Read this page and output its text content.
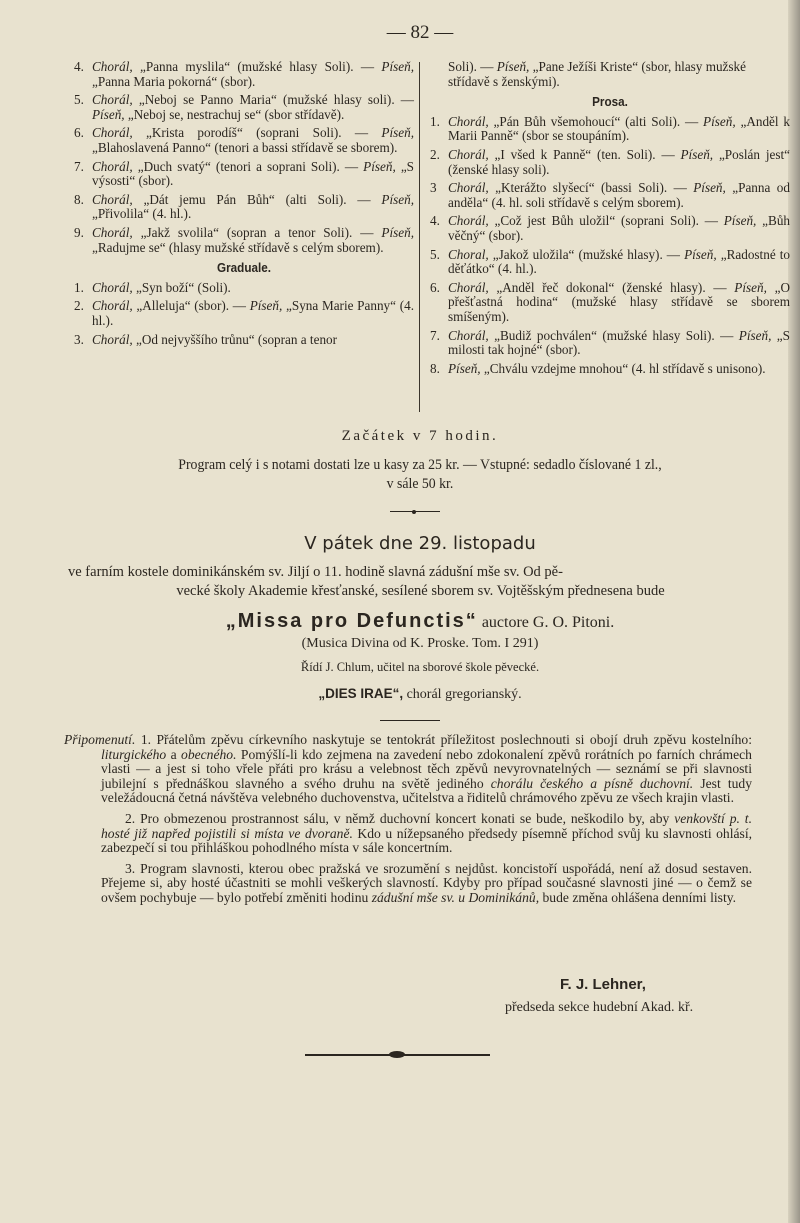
— 82 —
4. Chorál, „Panna myslila“ (mužské hlasy Soli). — Píseň, „Panna Maria pokorná“ (sbor).
5. Chorál, „Neboj se Panno Maria“ (mužské hlasy soli). — Píseň, „Neboj se, nestrachuj se“ (sbor střídavě).
6. Chorál, „Krista porodíš“ (soprani Soli). — Píseň, „Blahoslavená Panno“ (tenori a bassi střídavě se sborem).
7. Chorál, „Duch svatý“ (tenori a soprani Soli). — Píseň, „S výsosti“ (sbor).
8. Chorál, „Dát jemu Pán Bůh“ (alti Soli). — Píseň, „Přivolila“ (4. hl.).
9. Chorál, „Jakž svolila“ (sopran a tenor Soli). — Píseň, „Radujme se“ (hlasy mužské střídavě s celým sborem).
Graduale.
1. Chorál, „Syn boží“ (Soli).
2. Chorál, „Alleluja“ (sbor). — Píseň, „Syna Marie Panny“ (4. hl.).
3. Chorál, „Od nejvyššího trůnu“ (sopran a tenor
Soli). — Píseň, „Pane Ježíši Kriste“ (sbor, hlasy mužské střídavě s ženskými).
Prosa.
1. Chorál, „Pán Bůh všemohoucí“ (alti Soli). — Píseň, „Anděl k Marii Panně“ (sbor se stoupáním).
2. Chorál, „I všed k Panně“ (ten. Soli). — Píseň, „Poslán jest“ (ženské hlasy soli).
3 Chorál, „Kterážto slyšecí“ (bassi Soli). — Píseň, „Panna od anděla“ (4. hl. soli střídavě s celým sborem).
4. Chorál, „Což jest Bůh uložil“ (soprani Soli). — Píseň, „Bůh věčný“ (sbor).
5. Choral, „Jakož uložila“ (mužské hlasy). — Píseň, „Radostné to děťátko“ (4. hl.).
6. Chorál, „Anděl řeč dokonal“ (ženské hlasy). — Píseň, „O přešťastná hodina“ (mužské hlasy střídavě se sborem smíšeným).
7. Chorál, „Budiž pochválen“ (mužské hlasy Soli). — Píseň, „S milosti tak hojné“ (sbor).
8. Píseň, „Chválu vzdejme mnohou“ (4. hl střídavě s unisono).
Začátek v 7 hodin.
Program celý i s notami dostati lze u kasy za 25 kr. — Vstupné: sedadlo číslované 1 zl.,
v sále 50 kr.
V pátek dne 29. listopadu
ve farním kostele dominikánském sv. Jiljí o 11. hodině slavná zádušní mše sv. Od pě-
vecké školy Akademie křesťanské, sesílené sborem sv. Vojtěšským přednesena bude
„Missa pro Defunctis“ auctore G. O. Pitoni.
(Musica Divina od K. Proske. Tom. I 291)
Řídí J. Chlum, učitel na sborové škole pěvecké.
„DIES IRAE“, chorál gregorianský.

Připomenutí. 1. Přátelům zpěvu církevního naskytuje se tentokrát příležitost poslechnouti si obojí druh zpěvu kostelního: liturgického a obecného. Pomýšlí-li kdo zejmena na zavedení nebo zdokonalení zpěvů rorátních po farních chrámech vlasti — a jest si toho vřele přáti pro krásu a velebnost těch zpěvů nevyrovnatelných — seznámí se při slavnosti jubilejní s přednáškou slavného a svého druhu na světě jediného chorálu českého a písně duchovní. Jest tudy veležádoucná četná návštěva velebného duchovenstva, učitelstva a řiditelů chrámového zpěvu ze všech krajin vlasti.

2. Pro obmezenou prostrannost sálu, v němž duchovní koncert konati se bude, neškodilo by, aby venkovští p. t. hosté již napřed pojistili si místa ve dvoraně. Kdo u nížepsaného předsedy písemně příchod svůj ku slavnosti ohlásí, zabezpečí si tou přihláškou pohodlného místa v sále koncertním.

3. Program slavnosti, kterou obec pražská ve srozumění s nejdůst. koncistoří uspořádá, není až dosud sestaven. Přejeme si, aby hosté účastniti se mohli veškerých slavností. Kdyby pro případ současné slavnosti jiné — o čemž se ovšem pochybuje — bylo potřebí změniti hodinu zádušní mše sv. u Dominikánů, bude změna ohlášena denními listy.

F. J. Lehner,
předseda sekce hudební Akad. kř.
